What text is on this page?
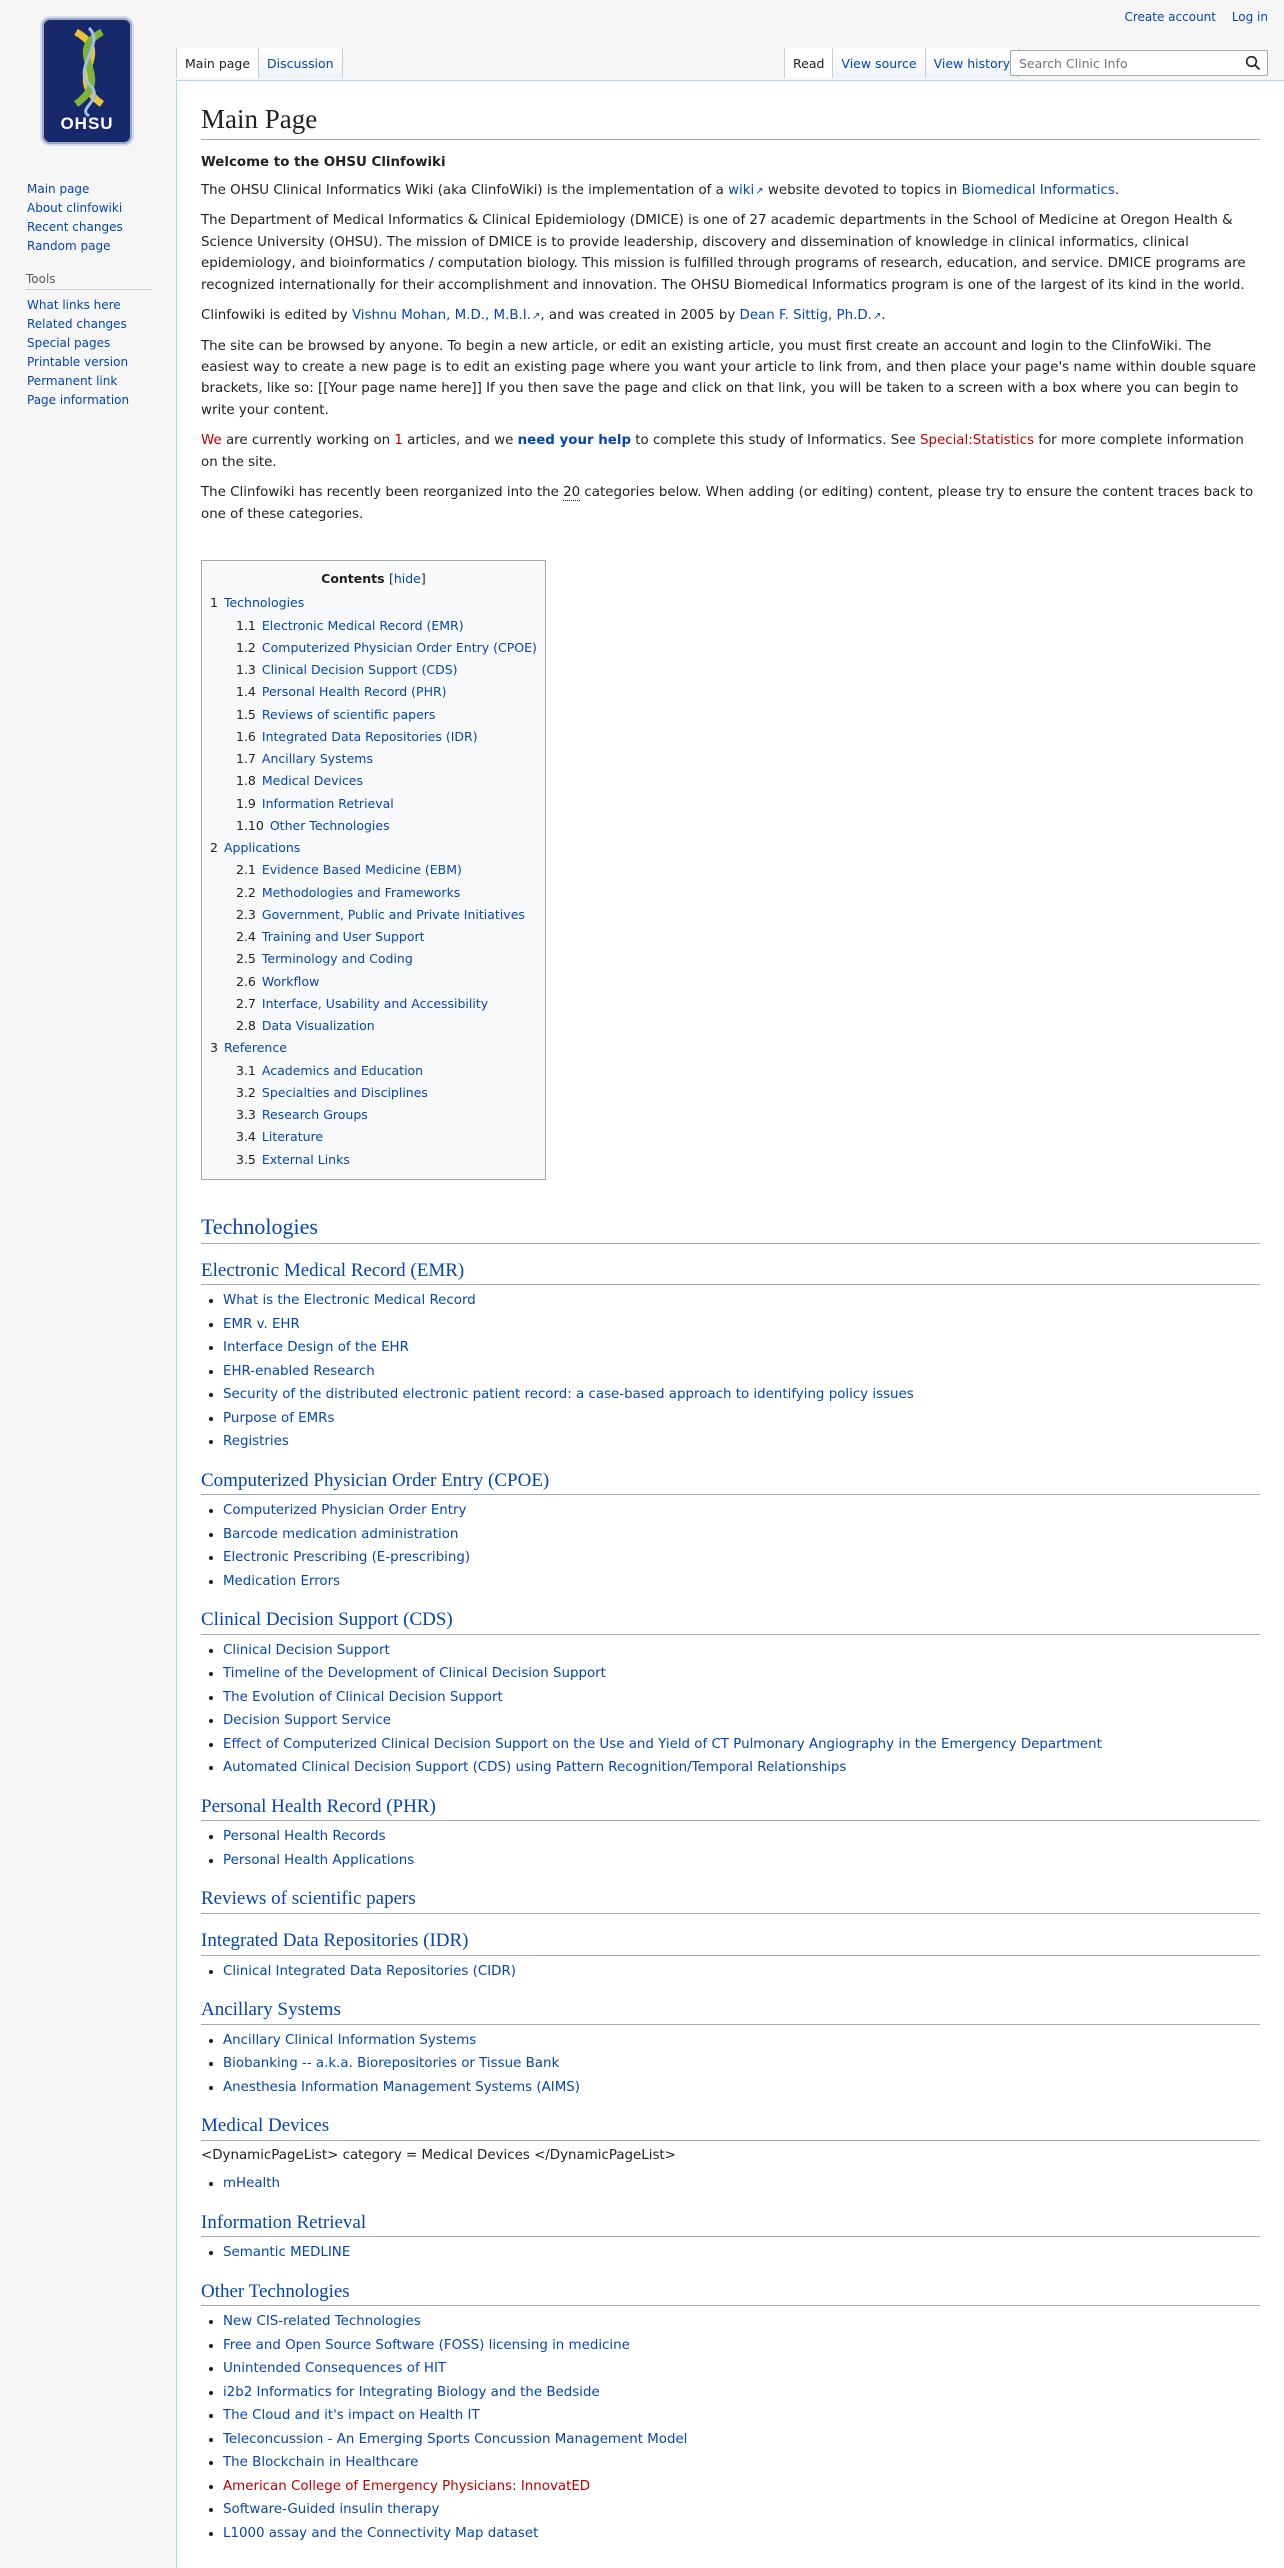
Create account Log in
OHSU
Main page
About clinfowiki
Recent changes
Random page
Tools
What links here
Related changes
Special pages
Printable version
Permanent link
Page information
Main page	Discussion	Read	View source	View history
Search Clinic Info
Main Page

Welcome to the OHSU Clinfowiki

The OHSU Clinical Informatics Wiki (aka ClinfoWiki) is the implementation of a wiki ↗ website devoted to topics in Biomedical Informatics.

The Department of Medical Informatics & Clinical Epidemiology (DMICE) is one of 27 academic departments in the School of Medicine at Oregon Health & Science University (OHSU). The mission of DMICE is to provide leadership, discovery and dissemination of knowledge in clinical informatics, clinical epidemiology, and bioinformatics / computation biology. This mission is fulfilled through programs of research, education, and service. DMICE programs are recognized internationally for their accomplishment and innovation. The OHSU Biomedical Informatics program is one of the largest of its kind in the world.

Clinfowiki is edited by Vishnu Mohan, M.D., M.B.I. ↗ , and was created in 2005 by Dean F. Sittig, Ph.D. ↗ .

The site can be browsed by anyone. To begin a new article, or edit an existing article, you must first create an account and login to the ClinfoWiki. The easiest way to create a new page is to edit an existing page where you want your article to link from, and then place your page's name within double square brackets, like so: [[Your page name here]] If you then save the page and click on that link, you will be taken to a screen with a box where you can begin to write your content.

We are currently working on 1 articles, and we need your help to complete this study of Informatics. See Special:Statistics for more complete information on the site.

The Clinfowiki has recently been reorganized into the 20 categories below. When adding (or editing) content, please try to ensure the content traces back to one of these categories.

Contents [hide]
1 Technologies
1.1 Electronic Medical Record (EMR)
1.2 Computerized Physician Order Entry (CPOE)
1.3 Clinical Decision Support (CDS)
1.4 Personal Health Record (PHR)
1.5 Reviews of scientific papers
1.6 Integrated Data Repositories (IDR)
1.7 Ancillary Systems
1.8 Medical Devices
1.9 Information Retrieval
1.10 Other Technologies
2 Applications
2.1 Evidence Based Medicine (EBM)
2.2 Methodologies and Frameworks
2.3 Government, Public and Private Initiatives
2.4 Training and User Support
2.5 Terminology and Coding
2.6 Workflow
2.7 Interface, Usability and Accessibility
2.8 Data Visualization
3 Reference
3.1 Academics and Education
3.2 Specialties and Disciplines
3.3 Research Groups
3.4 Literature
3.5 External Links
Technologies
Electronic Medical Record (EMR)
• What is the Electronic Medical Record
• EMR v. EHR
• Interface Design of the EHR
• EHR-enabled Research
• Security of the distributed electronic patient record: a case-based approach to identifying policy issues
• Purpose of EMRs
• Registries
Computerized Physician Order Entry (CPOE)
• Computerized Physician Order Entry
• Barcode medication administration
• Electronic Prescribing (E-prescribing)
• Medication Errors
Clinical Decision Support (CDS)
• Clinical Decision Support
• Timeline of the Development of Clinical Decision Support
• The Evolution of Clinical Decision Support
• Decision Support Service
• Effect of Computerized Clinical Decision Support on the Use and Yield of CT Pulmonary Angiography in the Emergency Department
• Automated Clinical Decision Support (CDS) using Pattern Recognition/Temporal Relationships
Personal Health Record (PHR)
• Personal Health Records
• Personal Health Applications
Reviews of scientific papers
Integrated Data Repositories (IDR)
• Clinical Integrated Data Repositories (CIDR)
Ancillary Systems
• Ancillary Clinical Information Systems
• Biobanking -- a.k.a. Biorepositories or Tissue Bank
• Anesthesia Information Management Systems (AIMS)
Medical Devices

<DynamicPageList> category = Medical Devices </DynamicPageList>

• mHealth
Information Retrieval
• Semantic MEDLINE
Other Technologies
• New CIS-related Technologies
• Free and Open Source Software (FOSS) licensing in medicine
• Unintended Consequences of HIT
• i2b2 Informatics for Integrating Biology and the Bedside
• The Cloud and it's impact on Health IT
• Teleconcussion - An Emerging Sports Concussion Management Model
• The Blockchain in Healthcare
• American College of Emergency Physicians: InnovatED
• Software-Guided insulin therapy
• L1000 assay and the Connectivity Map dataset
